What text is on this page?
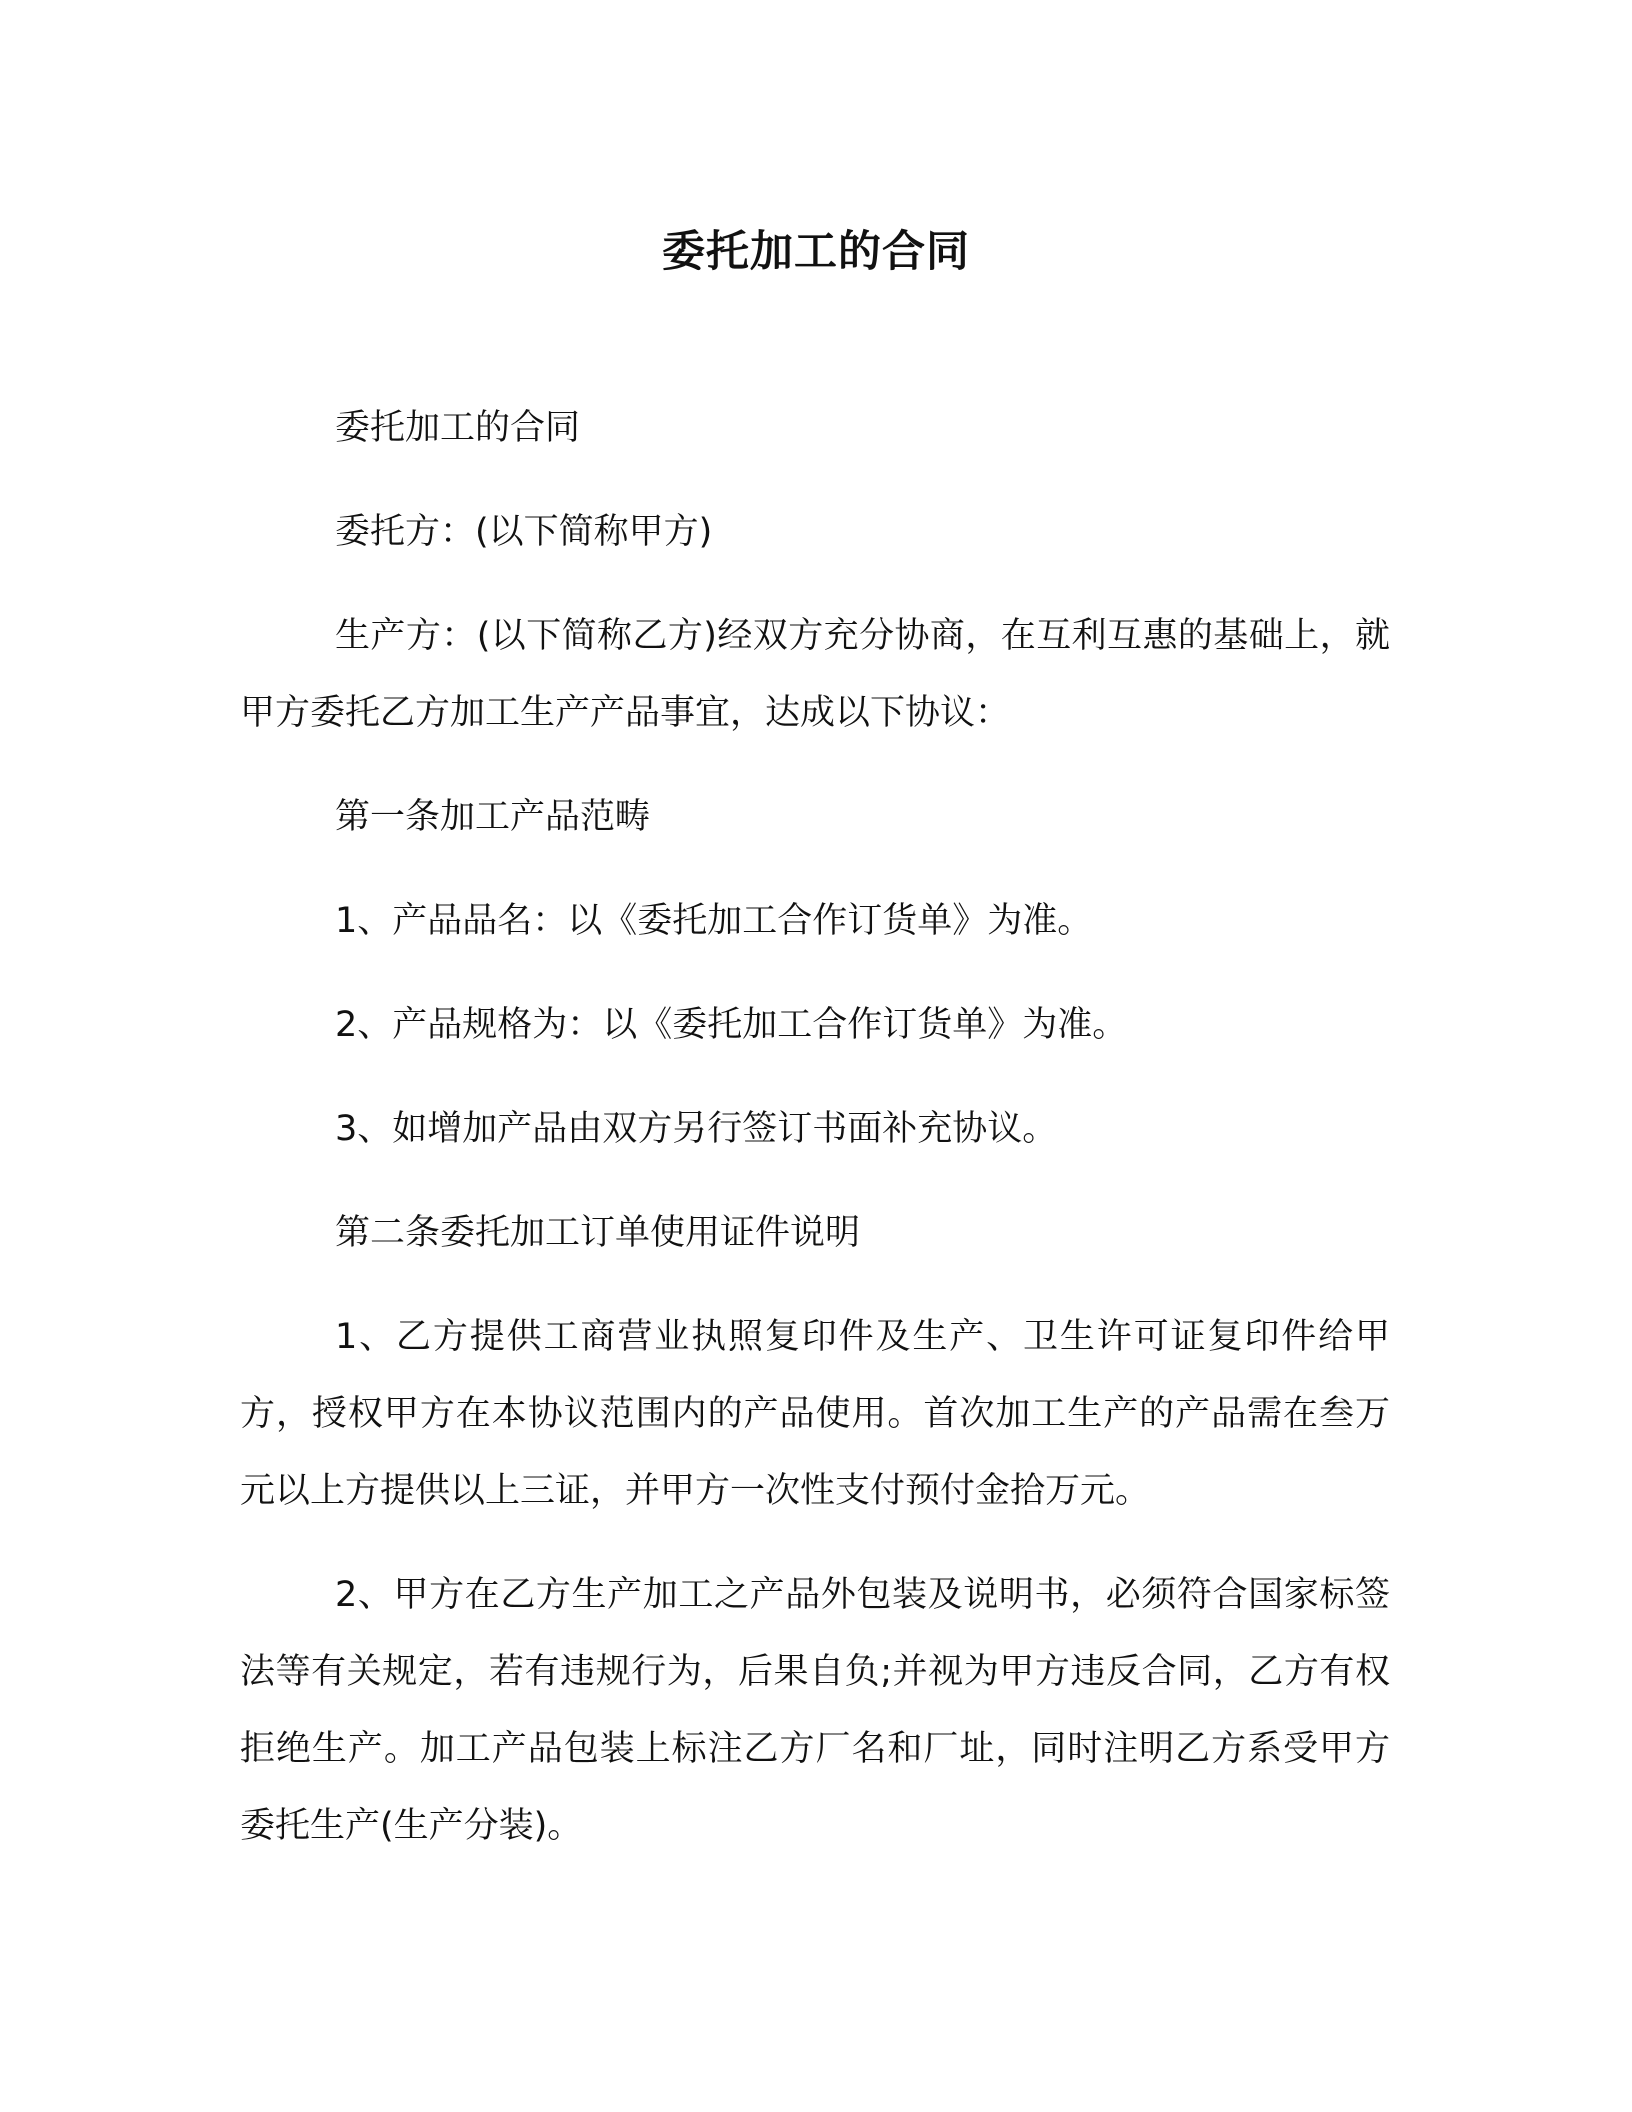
委托加工的合同

委托加工的合同

委托方：(以下简称甲方)

生产方：(以下简称乙方)经双方充分协商，在互利互惠的基础上，就甲方委托乙方加工生产产品事宜，达成以下协议：

第一条加工产品范畴

1、产品品名：以《委托加工合作订货单》为准。

2、产品规格为：以《委托加工合作订货单》为准。

3、如增加产品由双方另行签订书面补充协议。

第二条委托加工订单使用证件说明

1、乙方提供工商营业执照复印件及生产、卫生许可证复印件给甲方，授权甲方在本协议范围内的产品使用。首次加工生产的产品需在叁万元以上方提供以上三证，并甲方一次性支付预付金拾万元。

2、甲方在乙方生产加工之产品外包装及说明书，必须符合国家标签法等有关规定，若有违规行为，后果自负;并视为甲方违反合同，乙方有权拒绝生产。加工产品包装上标注乙方厂名和厂址，同时注明乙方系受甲方委托生产(生产分装)。
